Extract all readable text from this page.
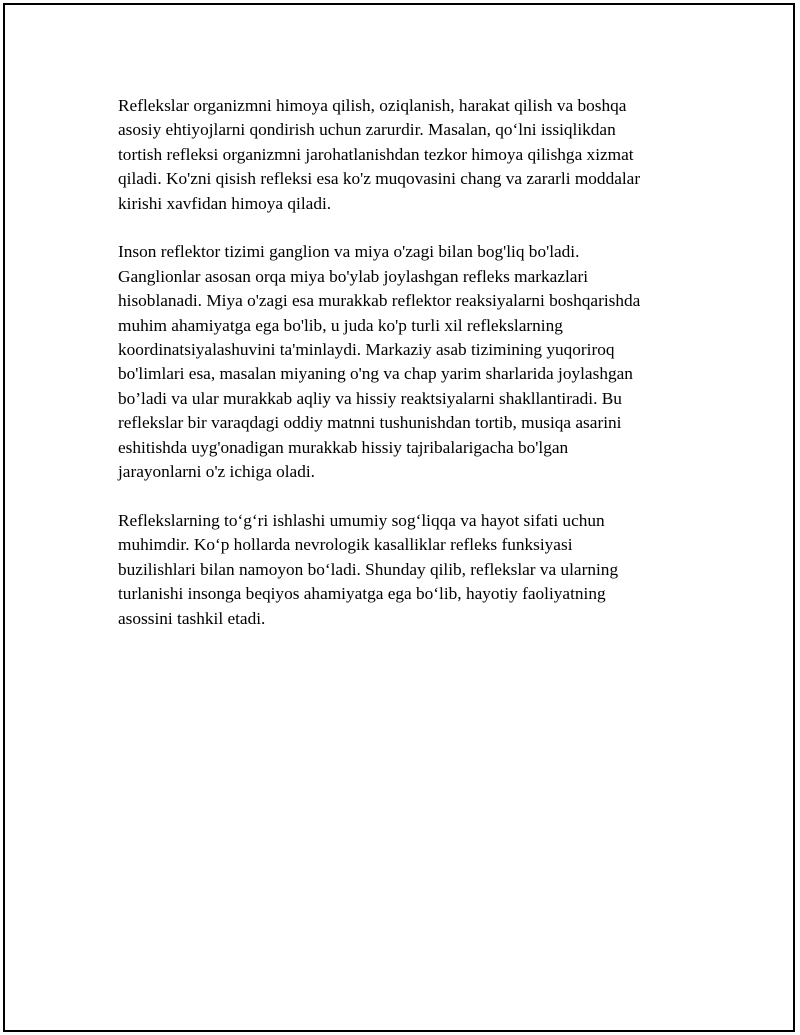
Reflekslar organizmni himoya qilish, oziqlanish, harakat qilish va boshqa
asosiy ehtiyojlarni qondirish uchun zarurdir. Masalan, qo‘lni issiqlikdan
tortish refleksi organizmni jarohatlanishdan tezkor himoya qilishga xizmat
qiladi. Ko'zni qisish refleksi esa ko'z muqovasini chang va zararli moddalar
kirishi xavfidan himoya qiladi.

Inson reflektor tizimi ganglion va miya o'zagi bilan bog'liq bo'ladi.
Ganglionlar asosan orqa miya bo'ylab joylashgan refleks markazlari
hisoblanadi. Miya o'zagi esa murakkab reflektor reaksiyalarni boshqarishda
muhim ahamiyatga ega bo'lib, u juda ko'p turli xil reflekslarning
koordinatsiyalashuvini ta'minlaydi. Markaziy asab tizimining yuqoriroq
bo'limlari esa, masalan miyaning o'ng va chap yarim sharlarida joylashgan
bo’ladi va ular murakkab aqliy va hissiy reaktsiyalarni shakllantiradi. Bu
reflekslar bir varaqdagi oddiy matnni tushunishdan tortib, musiqa asarini
eshitishda uyg'onadigan murakkab hissiy tajribalarigacha bo'lgan
jarayonlarni o'z ichiga oladi.

Reflekslarning to‘g‘ri ishlashi umumiy sog‘liqqa va hayot sifati uchun
muhimdir. Ko‘p hollarda nevrologik kasalliklar refleks funksiyasi
buzilishlari bilan namoyon bo‘ladi. Shunday qilib, reflekslar va ularning
turlanishi insonga beqiyos ahamiyatga ega bo‘lib, hayotiy faoliyatning
asossini tashkil etadi.
